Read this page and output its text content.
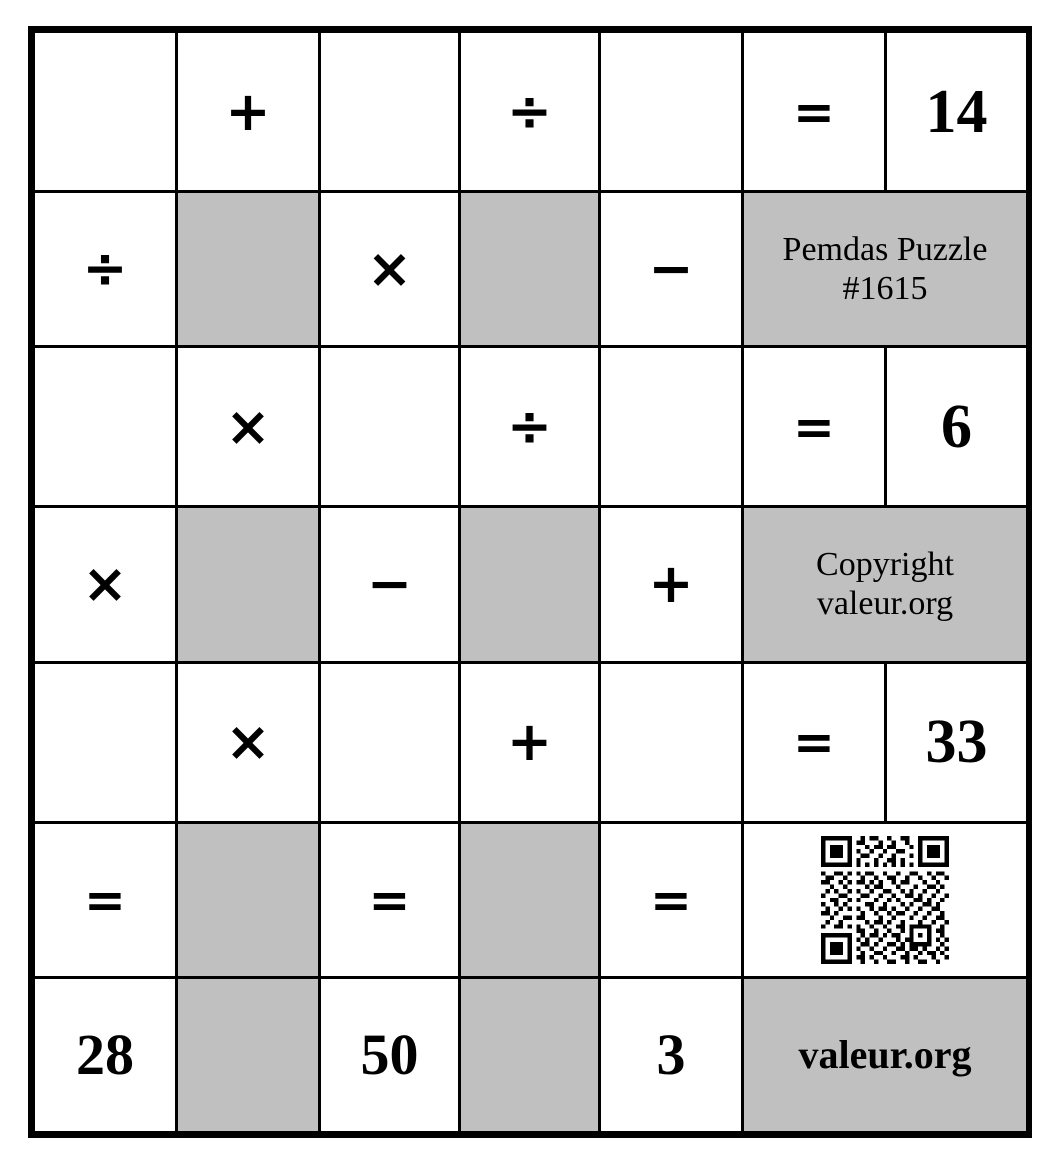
	+		÷		=	14
÷		×		−	Pemdas Puzzle
#1615	

	×		÷		=	6
×		−		+	Copyright
valeur.org	

	×		+		=	33
=		=		=	

28		50		3	valeur.org	
